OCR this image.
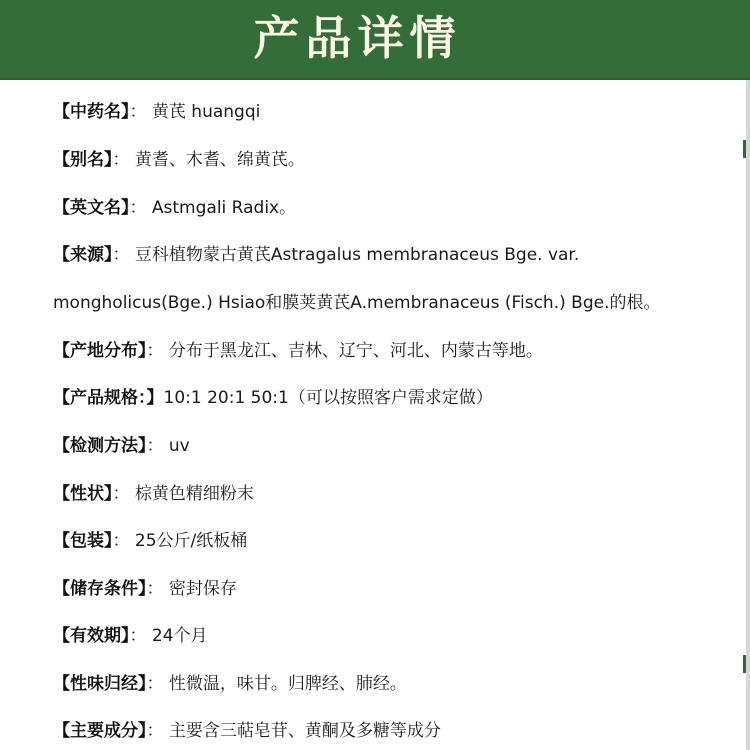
产品详情
【中药名】： 黄芪 huangqi
【别名】： 黄耆、木耆、绵黄芪。
【英文名】： Astmgali Radix。
【来源】： 豆科植物蒙古黄芪Astragalus membranaceus Bge. var.
mongholicus(Bge.) Hsiao和膜荚黄芪A.membranaceus (Fisch.) Bge.的根。
【产地分布】： 分布于黑龙江、吉林、辽宁、河北、内蒙古等地。
【产品规格：】10:1 20:1 50:1（可以按照客户需求定做）
【检测方法】： uv
【性状】： 棕黄色精细粉末
【包装】： 25公斤/纸板桶
【储存条件】： 密封保存
【有效期】： 24个月
【性味归经】： 性微温，味甘。归脾经、肺经。
【主要成分】： 主要含三萜皂苷、黄酮及多糖等成分
